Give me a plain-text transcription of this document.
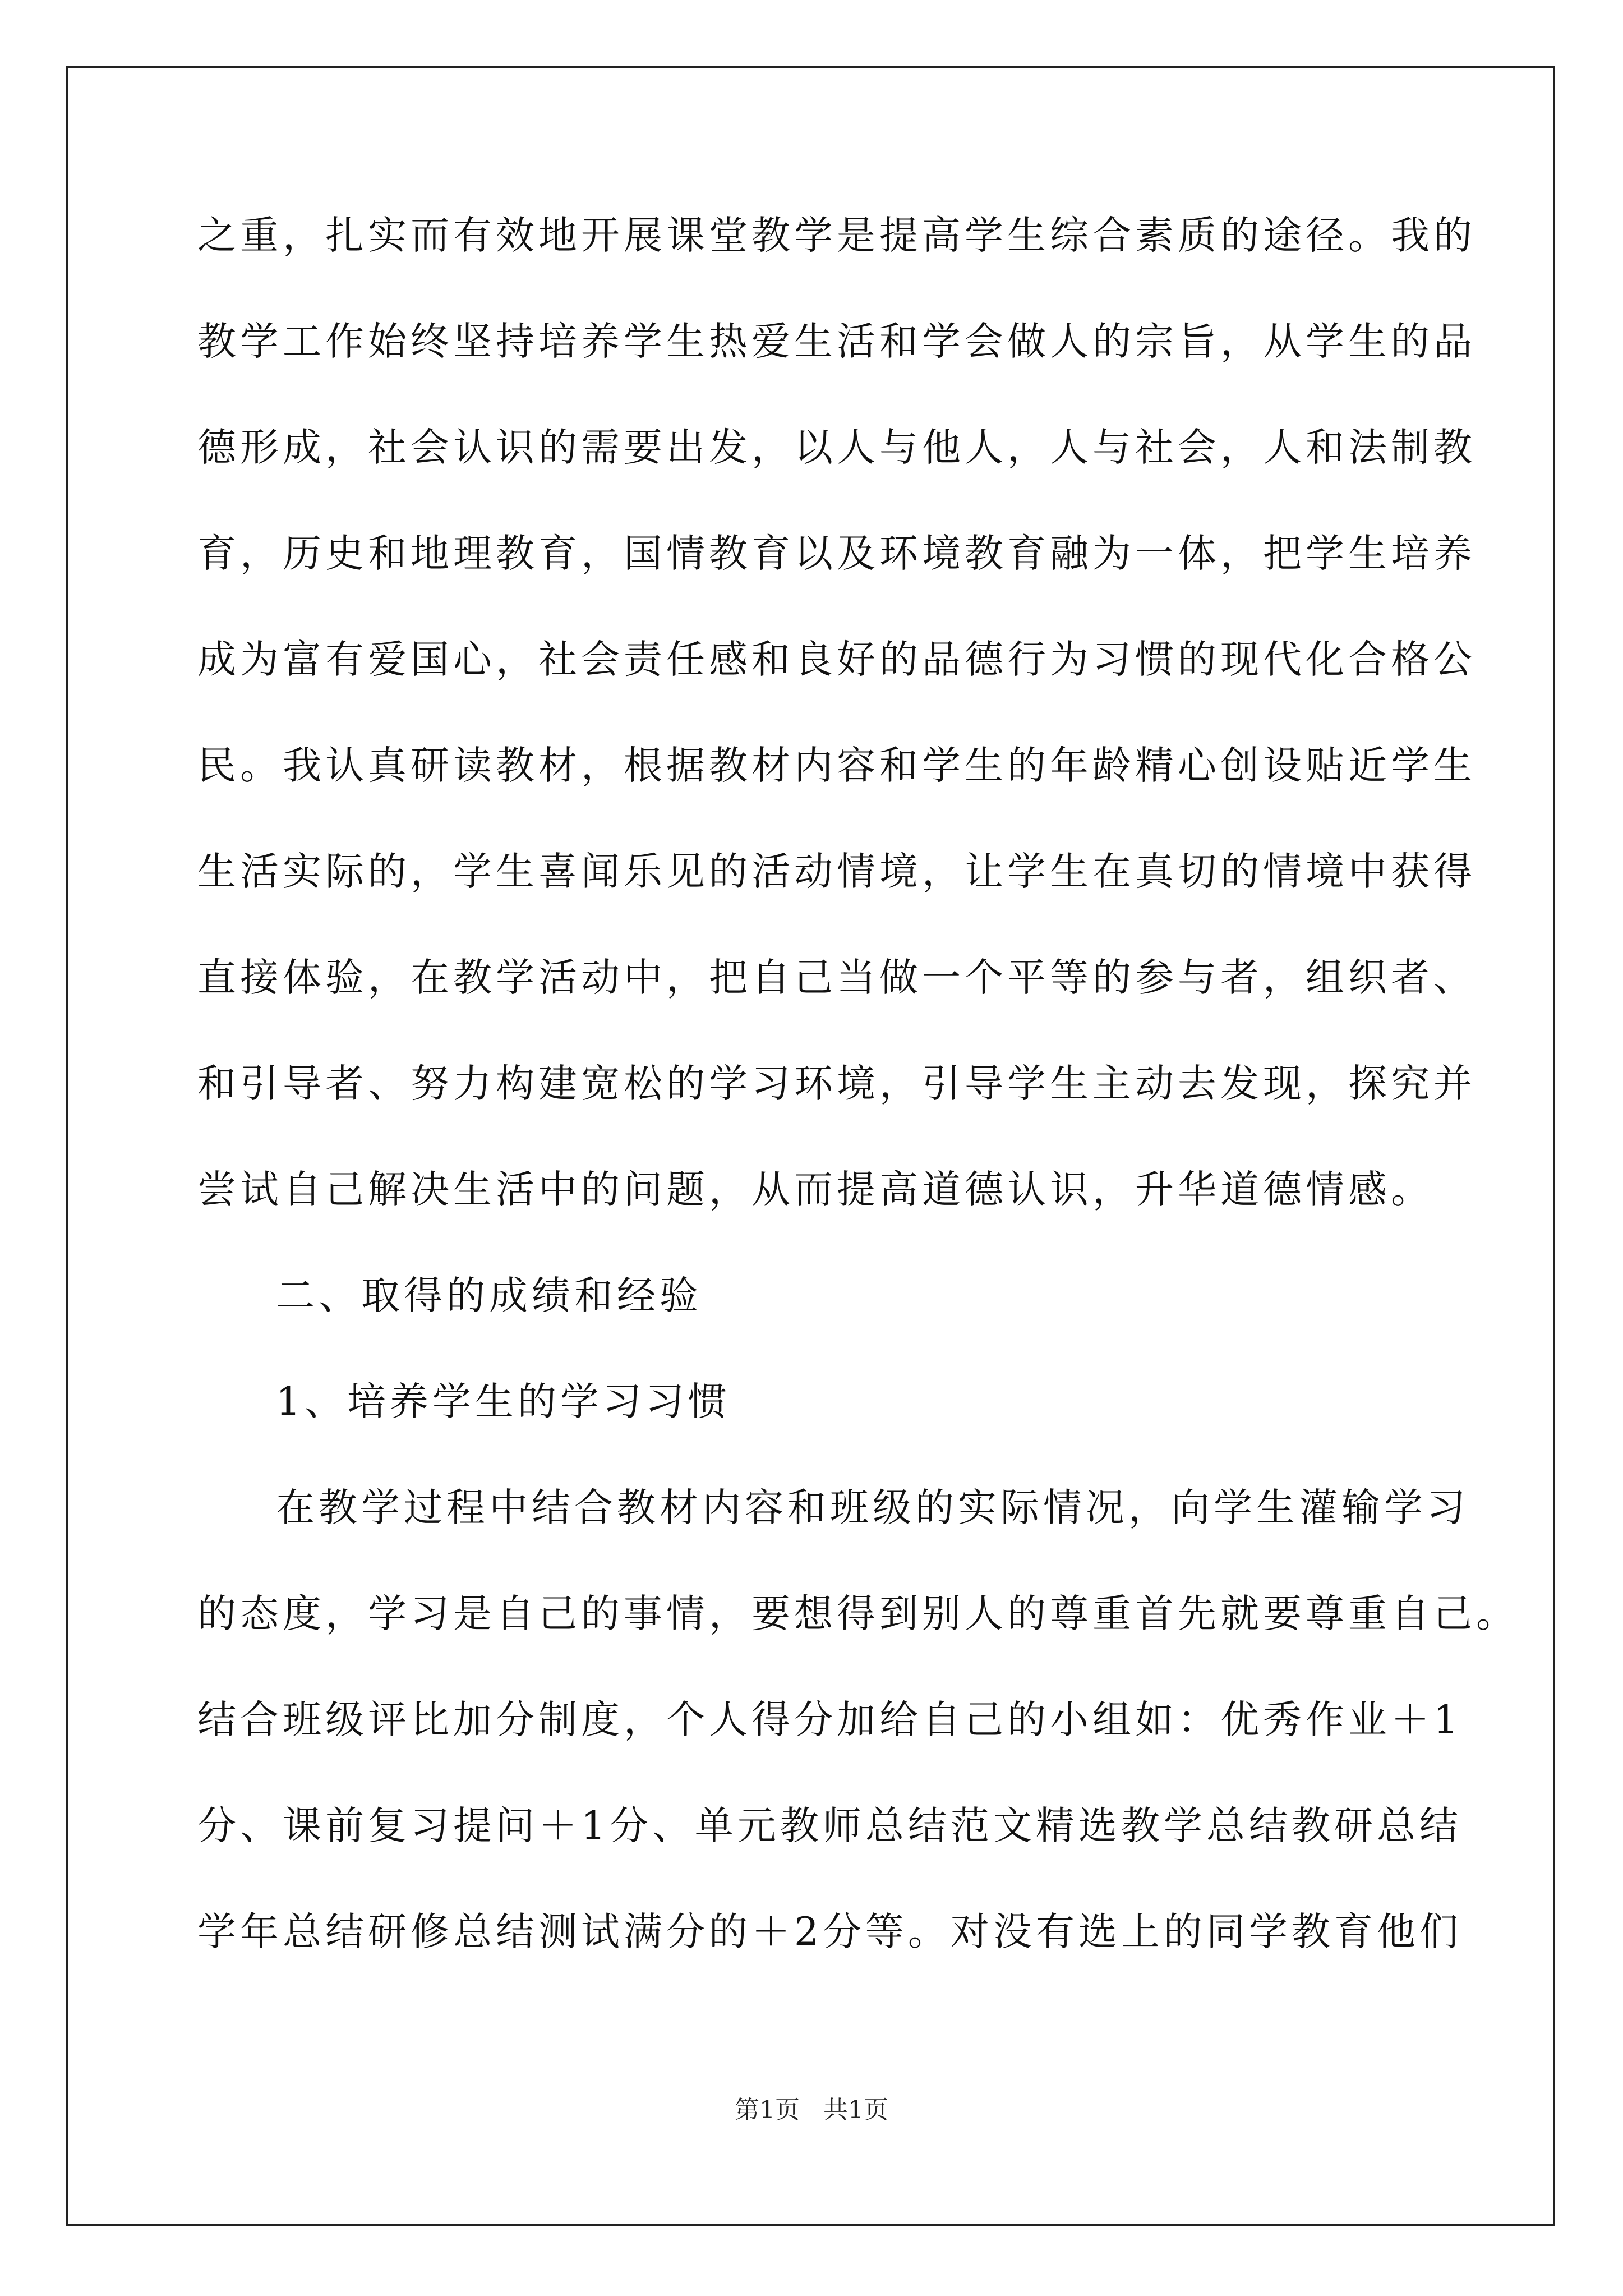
之重，扎实而有效地开展课堂教学是提高学生综合素质的途径。我的
教学工作始终坚持培养学生热爱生活和学会做人的宗旨，从学生的品
德形成，社会认识的需要出发，以人与他人，人与社会，人和法制教
育，历史和地理教育，国情教育以及环境教育融为一体，把学生培养
成为富有爱国心，社会责任感和良好的品德行为习惯的现代化合格公
民。我认真研读教材，根据教材内容和学生的年龄精心创设贴近学生
生活实际的，学生喜闻乐见的活动情境，让学生在真切的情境中获得
直接体验，在教学活动中，把自己当做一个平等的参与者，组织者、
和引导者、努力构建宽松的学习环境，引导学生主动去发现，探究并
尝试自己解决生活中的问题，从而提高道德认识，升华道德情感。
二、取得的成绩和经验
1、培养学生的学习习惯
在教学过程中结合教材内容和班级的实际情况，向学生灌输学习
的态度，学习是自己的事情，要想得到别人的尊重首先就要尊重自己。
结合班级评比加分制度，个人得分加给自己的小组如：优秀作业＋1
分、课前复习提问＋1分、单元教师总结范文精选教学总结教研总结
学年总结研修总结测试满分的＋2分等。对没有选上的同学教育他们
第1页   共1页
